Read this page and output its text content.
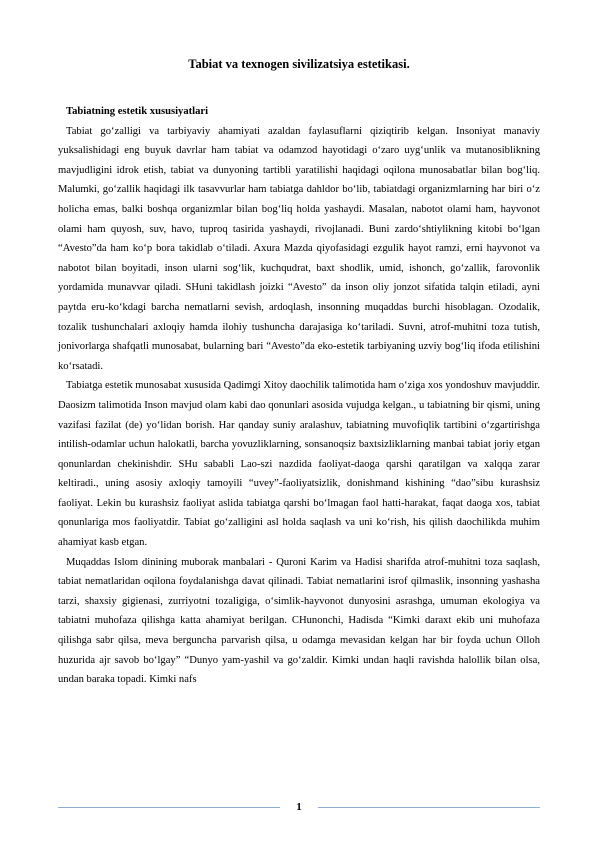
Tabiat va texnogen sivilizatsiya estetikasi.

Tabiatning estetik xususiyatlari

Tabiat goʻzalligi va tarbiyaviy ahamiyati azaldan faylasuflarni qiziqtirib kelgan. Insoniyat manaviy yuksalishidagi eng buyuk davrlar ham tabiat va odamzod hayotidagi oʻzaro uygʻunlik va mutanosiblikning mavjudligini idrok etish, tabiat va dunyoning tartibli yaratilishi haqidagi oqilona munosabatlar bilan bogʻliq. Malumki, goʻzallik haqidagi ilk tasavvurlar ham tabiatga dahldor boʻlib, tabiatdagi organizmlarning har biri oʻz holicha emas, balki boshqa organizmlar bilan bogʻliq holda yashaydi. Masalan, nabotot olami ham, hayvonot olami ham quyosh, suv, havo, tuproq tasirida yashaydi, rivojlanadi. Buni zardoʻshtiylikning kitobi boʻlgan “Avesto”da ham koʻp bora takidlab oʻtiladi. Axura Mazda qiyofasidagi ezgulik hayot ramzi, erni hayvonot va nabotot bilan boyitadi, inson ularni sogʻlik, kuchqudrat, baxt shodlik, umid, ishonch, goʻzallik, farovonlik yordamida munavvar qiladi. SHuni takidlash joizki “Avesto” da inson oliy jonzot sifatida talqin etiladi, ayni paytda eru-koʻkdagi barcha nematlarni sevish, ardoqlash, insonning muqaddas burchi hisoblagan. Ozodalik, tozalik tushunchalari axloqiy hamda ilohiy tushuncha darajasiga koʻtariladi. Suvni, atrof-muhitni toza tutish, jonivorlarga shafqatli munosabat, bularning bari “Avesto”da eko-estetik tarbiyaning uzviy bogʻliq ifoda etilishini koʻrsatadi.

Tabiatga estetik munosabat xususida Qadimgi Xitoy daochilik talimotida ham oʻziga xos yondoshuv mavjuddir. Daosizm talimotida Inson mavjud olam kabi dao qonunlari asosida vujudga kelgan., u tabiatning bir qismi, uning vazifasi fazilat (de) yoʻlidan borish. Har qanday suniy aralashuv, tabiatning muvofiqlik tartibini oʻzgartirishga intilish-odamlar uchun halokatli, barcha yovuzliklarning, sonsanoqsiz baxtsizliklarning manbai tabiat joriy etgan qonunlardan chekinishdir. SHu sababli Lao-szi nazdida faoliyat-daoga qarshi qaratilgan va xalqqa zarar keltiradi., uning asosiy axloqiy tamoyili “uvey”-faoliyatsizlik, donishmand kishining “dao”sibu kurashsiz faoliyat. Lekin bu kurashsiz faoliyat aslida tabiatga qarshi boʻlmagan faol hatti-harakat, faqat daoga xos, tabiat qonunlariga mos faoliyatdir. Tabiat goʻzalligini asl holda saqlash va uni koʻrish, his qilish daochilikda muhim ahamiyat kasb etgan.

Muqaddas Islom dinining muborak manbalari - Quroni Karim va Hadisi sharifda atrof-muhitni toza saqlash, tabiat nematlaridan oqilona foydalanishga davat qilinadi. Tabiat nematlarini isrof qilmaslik, insonning yashasha tarzi, shaxsiy gigienasi, zurriyotni tozaligiga, oʻsimlik-hayvonot dunyosini asrashga, umuman ekologiya va tabiatni muhofaza qilishga katta ahamiyat berilgan. CHunonchi, Hadisda “Kimki daraxt ekib uni muhofaza qilishga sabr qilsa, meva berguncha parvarish qilsa, u odamga mevasidan kelgan har bir foyda uchun Olloh huzurida ajr savob boʻlgay” “Dunyo yam-yashil va goʻzaldir. Kimki undan haqli ravishda halollik bilan olsa, undan baraka topadi. Kimki nafs

1
